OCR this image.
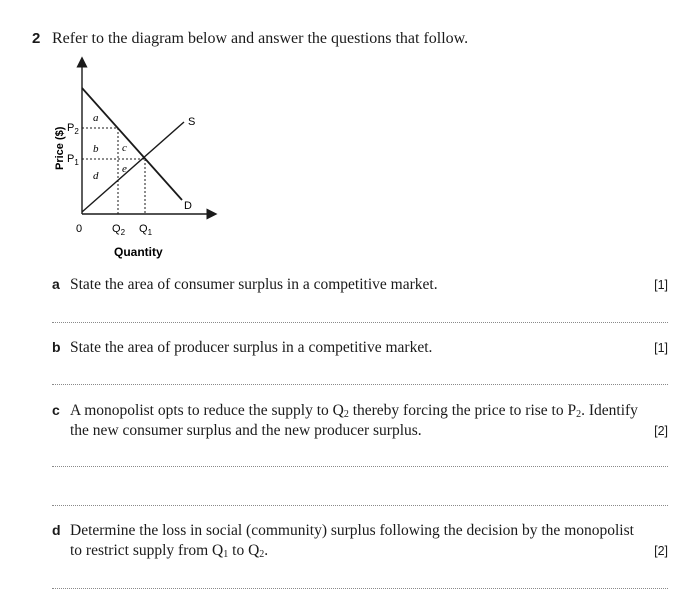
2 Refer to the diagram below and answer the questions that follow.
Price ($)
Quantity
0
S
D
$P_2$
$P_1$
$Q_2$ $Q_1$
a
b c
d
e
a State the area of consumer surplus in a competitive market.	[1]
b State the area of producer surplus in a competitive market.	[1]
c A monopolist opts to reduce the supply to $Q_2$ thereby forcing the price to rise to $P_2$. Identify the new consumer surplus and the new producer surplus.	[2]
d Determine the loss in social (community) surplus following the decision by the monopolist to restrict supply from $Q_1$ to $Q_2$.	[2]
